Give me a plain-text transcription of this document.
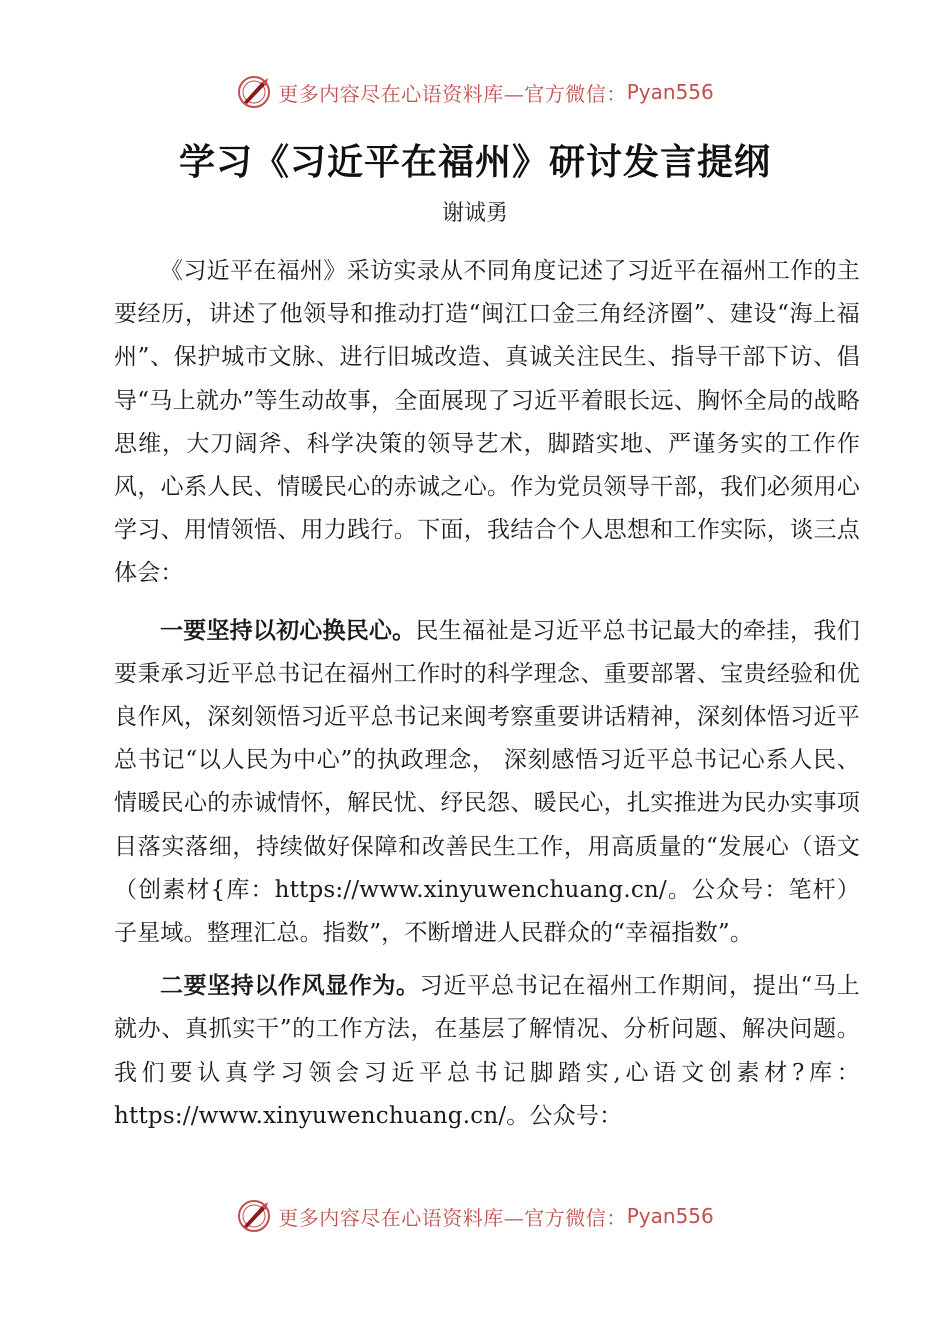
更多内容尽在心语资料库—官方微信： Pyan556
学习《习近平在福州》研讨发言提纲
谢诚勇

《习近平在福州》采访实录从不同角度记述了习近平在福州工作的主要经历，讲述了他领导和推动打造“闽江口金三角经济圈”、建设“海上福州”、保护城市文脉、进行旧城改造、真诚关注民生、指导干部下访、倡导“马上就办”等生动故事，全面展现了习近平着眼长远、胸怀全局的战略思维，大刀阔斧、科学决策的领导艺术，脚踏实地、严谨务实的工作作风，心系人民、情暖民心的赤诚之心。作为党员领导干部，我们必须用心学习、用情领悟、用力践行。下面，我结合个人思想和工作实际，谈三点体会：

一要坚持以初心换民心。民生福祉是习近平总书记最大的牵挂，我们要秉承习近平总书记在福州工作时的科学理念、重要部署、宝贵经验和优良作风，深刻领悟习近平总书记来闽考察重要讲话精神，深刻体悟习近平总书记“以人民为中心”的执政理念， 深刻感悟习近平总书记心系人民、情暖民心的赤诚情怀，解民忧、纾民怨、暖民心，扎实推进为民办实事项目落实落细，持续做好保障和改善民生工作，用高质量的“发展心（语文（创素材{库：https://www.xinyuwenchuang.cn/。公众号：笔杆）子星域。整理汇总。指数”，不断增进人民群众的“幸福指数”。

二要坚持以作风显作为。习近平总书记在福州工作期间，提出“马上就办、真抓实干”的工作方法，在基层了解情况、分析问题、解决问题。我们要认真学习领会习近平总书记脚踏实,心语文创素材?库：https://www.xinyuwenchuang.cn/。公众号：

更多内容尽在心语资料库—官方微信： Pyan556
